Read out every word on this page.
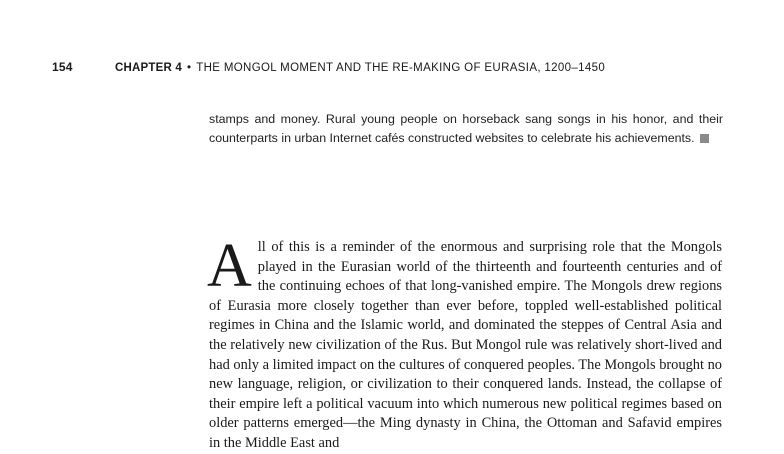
154	CHAPTER 4 • THE MONGOL MOMENT AND THE RE-MAKING OF EURASIA, 1200–1450
stamps and money. Rural young people on horseback sang songs in his honor, and their counterparts in urban Internet cafés constructed websites to celebrate his achievements.
All of this is a reminder of the enormous and surprising role that the Mongols played in the Eurasian world of the thirteenth and fourteenth centuries and of the continuing echoes of that long-vanished empire. The Mongols drew regions of Eurasia more closely together than ever before, toppled well-established political regimes in China and the Islamic world, and dominated the steppes of Central Asia and the relatively new civilization of the Rus. But Mongol rule was relatively short-lived and had only a limited impact on the cultures of conquered peoples. The Mongols brought no new language, religion, or civilization to their conquered lands. Instead, the collapse of their empire left a political vacuum into which numerous new political regimes based on older patterns emerged—the Ming dynasty in China, the Ottoman and Safavid empires in the Middle East and
